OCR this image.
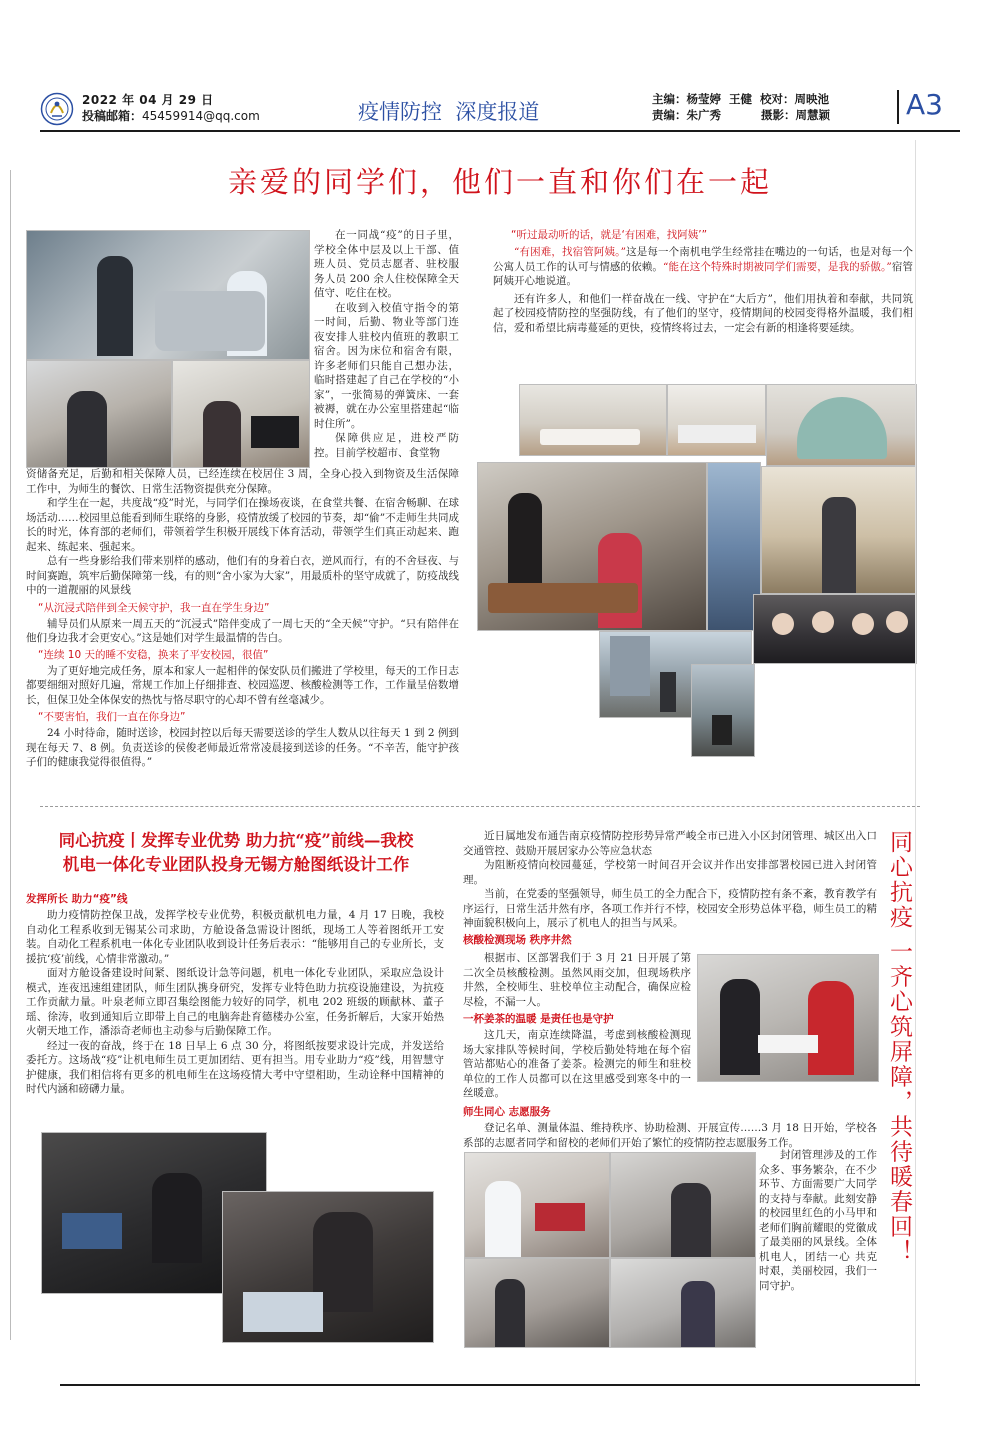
2022 年 04 月 29 日
投稿邮箱：45459914@qq.com	疫情防控  深度报道
主编：杨莹婷  王健  校对：周映池
责编：朱广秀          摄影：周慧颖	A3
亲爱的同学们，他们一直和你们在一起

在一同战“疫”的日子里，学校全体中层及以上干部、值班人员、党员志愿者、驻校服务人员 200 余人住校保障全天值守、吃住在校。

在收到入校值守指令的第一时间，后勤、物业等部门连夜安排人驻校内值班的教职工宿舍。因为床位和宿舍有限，许多老师们只能自己想办法，临时搭建起了自己在学校的“小家”，一张简易的弹簧床、一套被褥，就在办公室里搭建起“临时住所”。

保障供应足，进校严防控。目前学校超市、食堂物

资储备充足，后勤和相关保障人员，已经连续在校居住 3 周，全身心投入到物资及生活保障工作中，为师生的餐饮、日常生活物资提供充分保障。

和学生在一起，共度战“疫”时光，与同学们在操场夜谈，在食堂共餐、在宿舍畅聊、在球场活动……校园里总能看到师生联络的身影，疫情放缓了校园的节奏，却“偷”不走师生共同成长的时光，体育部的老师们，带领着学生积极开展线下体育活动，带领学生们真正动起来、跑起来、练起来、强起来。

总有一些身影给我们带来别样的感动，他们有的身着白衣，逆风而行，有的不舍昼夜、与时间赛跑，筑牢后勤保障第一线，有的则“舍小家为大家”，用最质朴的坚守成就了，防疫战线中的一道靓丽的风景线

“从沉浸式陪伴到全天候守护，我一直在学生身边”

辅导员们从原来一周五天的“沉浸式”陪伴变成了一周七天的“全天候”守护。“只有陪伴在他们身边我才会更安心。”这是她们对学生最温情的告白。

“连续 10 天的睡不安稳，换来了平安校园，很值”

为了更好地完成任务，原本和家人一起相伴的保安队员们搬进了学校里，每天的工作日志都要细细对照好几遍，常规工作加上仔细排查、校园巡逻、核酸检测等工作，工作量呈倍数增长，但保卫处全体保安的热忱与恪尽职守的心却不曾有丝毫减少。

“不要害怕，我们一直在你身边”

24 小时待命，随时送诊，校园封控以后每天需要送诊的学生人数从以往每天 1 到 2 例到现在每天 7、8 例。负责送诊的侯俊老师最近常常凌晨接到送诊的任务。“不辛苦，能守护孩子们的健康我觉得很值得。”

“听过最动听的话，就是‘有困难，找阿姨’”

“有困难，找宿管阿姨。”这是每一个南机电学生经常挂在嘴边的一句话，也是对每一个公寓人员工作的认可与情感的依赖。“能在这个特殊时期被同学们需要，是我的骄傲。”宿管阿姨开心地说道。

还有许多人，和他们一样奋战在一线、守护在“大后方”，他们用执着和奉献，共同筑起了校园疫情防控的坚强防线，有了他们的坚守，疫情期间的校园变得格外温暖，我们相信，爱和希望比病毒蔓延的更快，疫情终将过去，一定会有新的相逢将要延续。

同心抗疫丨发挥专业优势 助力抗“疫”前线—我校
机电一体化专业团队投身无锡方舱图纸设计工作
发挥所长 助力“疫”线

助力疫情防控保卫战，发挥学校专业优势，积极贡献机电力量，4 月 17 日晚，我校自动化工程系收到无锡某公司求助，方舱设备急需设计图纸，现场工人等着图纸开工安装。自动化工程系机电一体化专业团队收到设计任务后表示：“能够用自己的专业所长，支援抗‘疫’前线，心情非常激动。”

面对方舱设备建设时间紧、图纸设计急等问题，机电一体化专业团队，采取应急设计模式，连夜迅速组建团队，师生团队携身研究，发挥专业特色助力抗疫设施建设，为抗疫工作贡献力量。叶泉老师立即召集绘图能力较好的同学，机电 202 班级的顾献林、董子瑶、徐涛，收到通知后立即带上自己的电脑奔赴育德楼办公室，任务折解后，大家开始热火朝天地工作，潘添奇老师也主动参与后勤保障工作。

经过一夜的奋战，终于在 18 日早上 6 点 30 分，将图纸按要求设计完成，并发送给委托方。这场战“疫”让机电师生员工更加团结、更有担当。用专业助力“疫”线，用智慧守护健康，我们相信将有更多的机电师生在这场疫情大考中守望相助，生动诠释中国精神的时代内涵和磅礴力量。

近日属地发布通告南京疫情防控形势异常严峻全市已进入小区封闭管理、城区出入口交通管控、鼓励开展居家办公等应急状态

为阻断疫情向校园蔓延，学校第一时间召开会议并作出安排部署校园已进入封闭管理。

当前，在党委的坚强领导，师生员工的全力配合下，疫情防控有条不紊，教育教学有序运行，日常生活井然有序，各项工作并行不悖，校园安全形势总体平稳，师生员工的精神面貌积极向上，展示了机电人的担当与风采。

核酸检测现场 秩序井然

根据市、区部署我们于 3 月 21 日开展了第二次全员核酸检测。虽然风雨交加，但现场秩序井然，全校师生、驻校单位主动配合，确保应检尽检，不漏一人。

一杯姜茶的温暖 是责任也是守护

这几天，南京连续降温，考虑到核酸检测现场大家排队等候时间，学校后勤处特地在每个宿管站都贴心的准备了姜茶。检测完的师生和驻校单位的工作人员都可以在这里感受到寒冬中的一丝暖意。

师生同心 志愿服务

登记名单、测量体温、维持秩序、协助检测、开展宣传……3 月 18 日开始，学校各系部的志愿者同学和留校的老师们开始了繁忙的疫情防控志愿服务工作。

封闭管理涉及的工作众多、事务繁杂，在不少环节、方面需要广大同学的支持与奉献。此刻安静的校园里红色的小马甲和老师们胸前耀眼的党徽成了最美丽的风景线。全体机电人，团结一心 共克时艰，美丽校园，我们一同守护。

同心抗疫 一齐心筑屏障，共待暖春回！
